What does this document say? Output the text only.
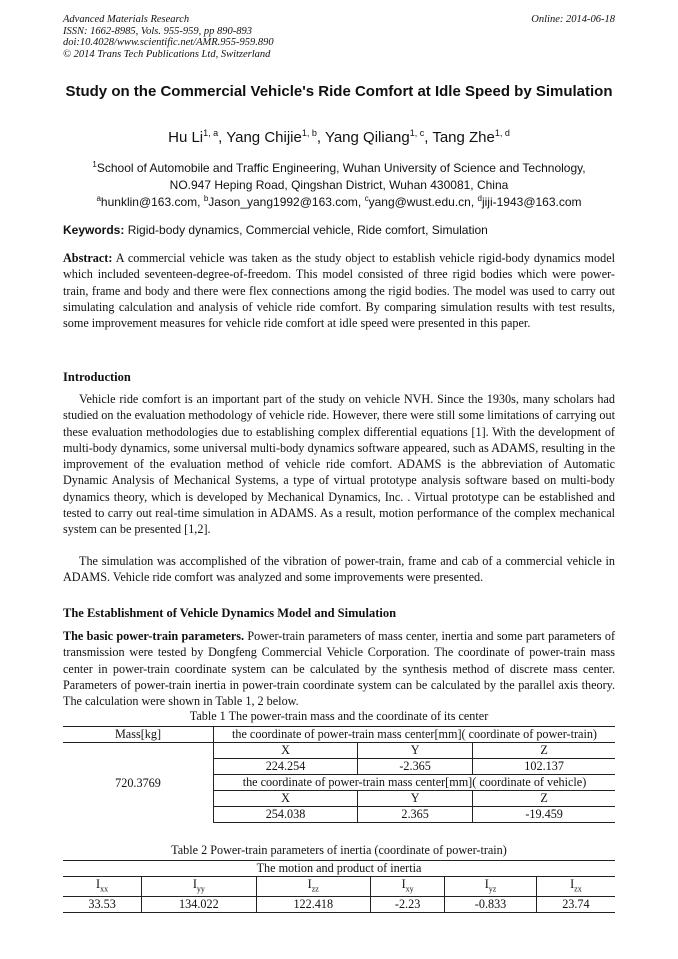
Advanced Materials Research
ISSN: 1662-8985, Vols. 955-959, pp 890-893
doi:10.4028/www.scientific.net/AMR.955-959.890
© 2014 Trans Tech Publications Ltd, Switzerland
Online: 2014-06-18
Study on the Commercial Vehicle's Ride Comfort at Idle Speed by Simulation
Hu Li$^{1, a}$, Yang Chijie$^{1, b}$, Yang Qiliang$^{1, c}$, Tang Zhe$^{1, d}$
$^1$School of Automobile and Traffic Engineering, Wuhan University of Science and Technology,
NO.947 Heping Road, Qingshan District, Wuhan 430081, China
$^a$hunklin@163.com, $^b$Jason_yang1992@163.com, $^c$yang@wust.edu.cn, $^d$jiji-1943@163.com
Keywords: Rigid-body dynamics, Commercial vehicle, Ride comfort, Simulation
Abstract: A commercial vehicle was taken as the study object to establish vehicle rigid-body dynamics model which included seventeen-degree-of-freedom. This model consisted of three rigid bodies which were power-train, frame and body and there were flex connections among the rigid bodies. The model was used to carry out simulating calculation and analysis of vehicle ride comfort. By comparing simulation results with test results, some improvement measures for vehicle ride comfort at idle speed were presented in this paper.
Introduction
Vehicle ride comfort is an important part of the study on vehicle NVH. Since the 1930s, many scholars had studied on the evaluation methodology of vehicle ride. However, there were still some limitations of carrying out these evaluation methodologies due to establishing complex differential equations [1]. With the development of multi-body dynamics, some universal multi-body dynamics software appeared, such as ADAMS, resulting in the improvement of the evaluation method of vehicle ride comfort. ADAMS is the abbreviation of Automatic Dynamic Analysis of Mechanical Systems, a type of virtual prototype analysis software based on multi-body dynamics theory, which is developed by Mechanical Dynamics, Inc. . Virtual prototype can be established and tested to carry out real-time simulation in ADAMS. As a result, motion performance of the complex mechanical system can be presented [1,2].
The simulation was accomplished of the vibration of power-train, frame and cab of a commercial vehicle in ADAMS. Vehicle ride comfort was analyzed and some improvements were presented.
The Establishment of Vehicle Dynamics Model and Simulation
The basic power-train parameters. Power-train parameters of mass center, inertia and some part parameters of transmission were tested by Dongfeng Commercial Vehicle Corporation. The coordinate of power-train mass center in power-train coordinate system can be calculated by the synthesis method of discrete mass center. Parameters of power-train inertia in power-train coordinate system can be calculated by the parallel axis theory. The calculation were shown in Table 1, 2 below.
Table 1 The power-train mass and the coordinate of its center
Mass[kg]	the coordinate of power-train mass center[mm]( coordinate of power-train)		
720.3769	X	Y	Z
	224.254	-2.365	102.137
	the coordinate of power-train mass center[mm]( coordinate of vehicle)		
	X	Y	Z
	254.038	2.365	-19.459

Table 2 Power-train parameters of inertia (coordinate of power-train)
The motion and product of inertia					
$I_{xx}$	$I_{yy}$	$I_{zz}$	$I_{xy}$	$I_{yz}$	$I_{zx}$
33.53	134.022	122.418	-2.23	-0.833	23.74
